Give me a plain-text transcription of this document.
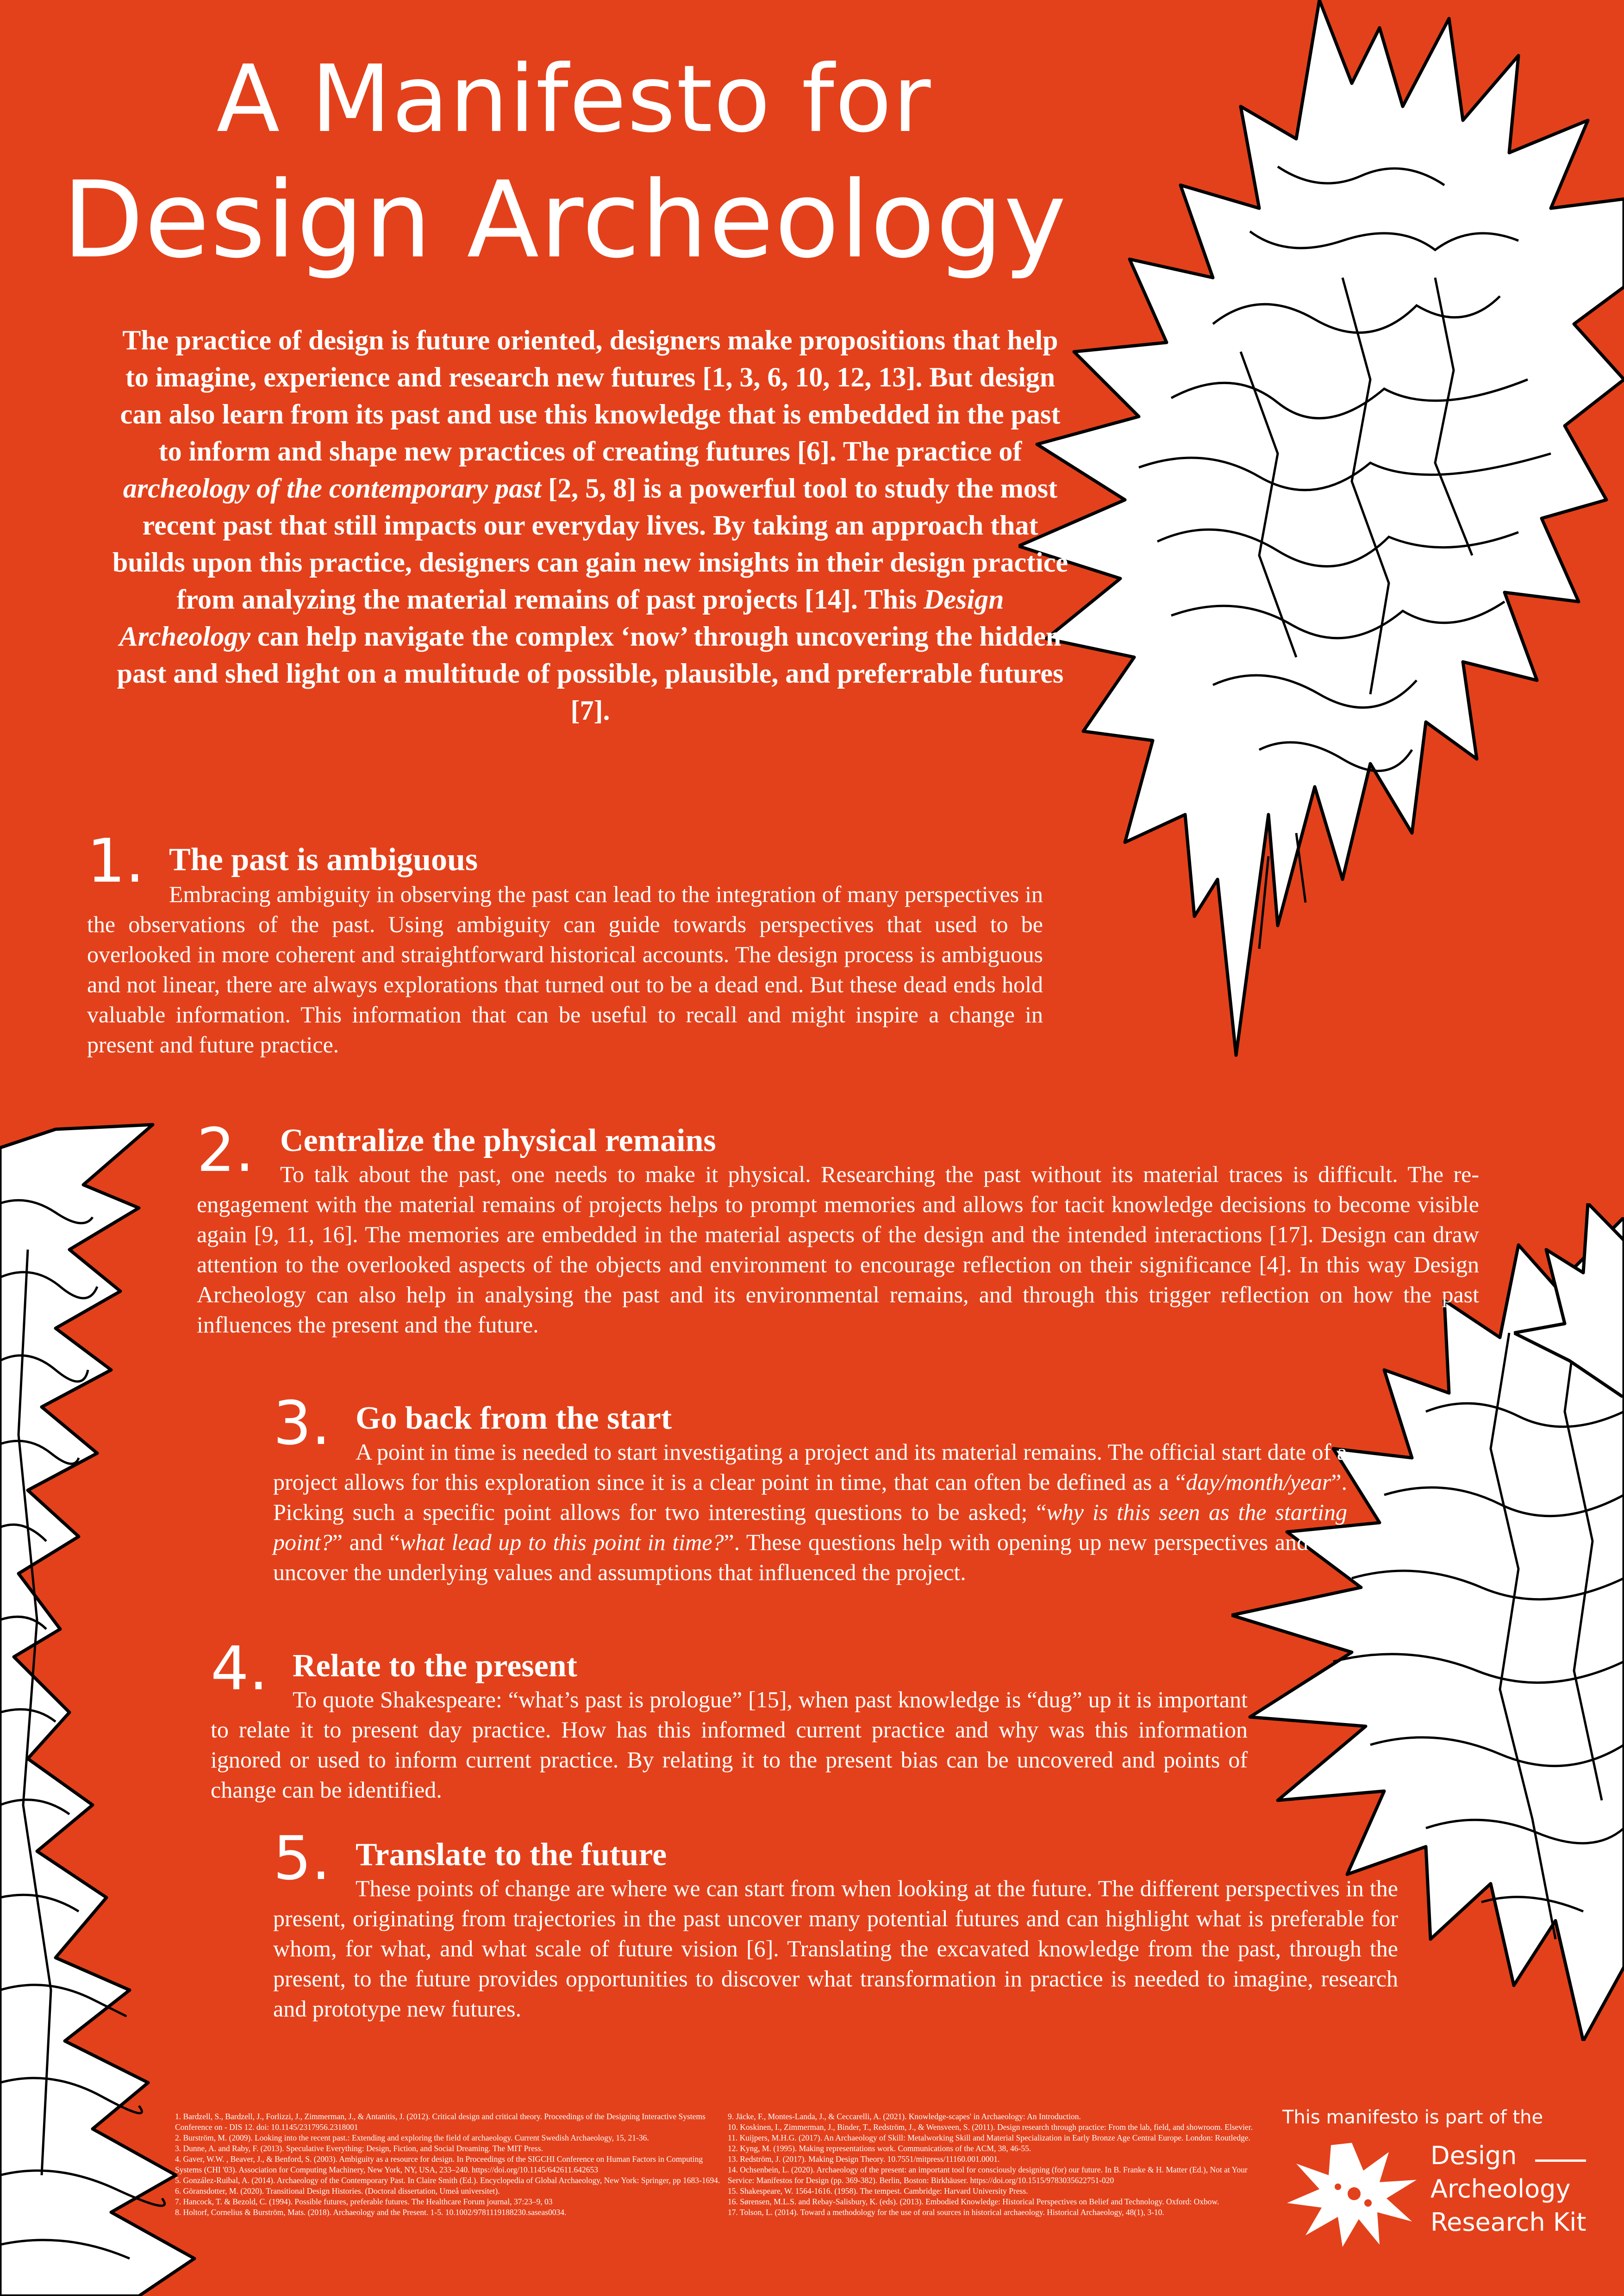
A Manifesto for
Design Archeology
The practice of design is future oriented, designers make propositions that help to imagine, experience and research new futures [1, 3, 6, 10, 12, 13]. But design can also learn from its past and use this knowledge that is embedded in the past to inform and shape new practices of creating futures [6]. The practice of archeology of the contemporary past [2, 5, 8] is a powerful tool to study the most recent past that still impacts our everyday lives. By taking an approach that builds upon this practice, designers can gain new insights in their design practice from analyzing the material remains of past projects [14]. This Design Archeology can help navigate the complex ‘now’ through uncovering the hidden past and shed light on a multitude of possible, plausible, and preferrable futures [7].
1. The past is ambiguous

Embracing ambiguity in observing the past can lead to the integration of many perspectives in the observations of the past. Using ambiguity can guide towards perspectives that used to be overlooked in more coherent and straightforward historical accounts. The design process is ambiguous and not linear, there are always explorations that turned out to be a dead end. But these dead ends hold valuable information. This information that can be useful to recall and might inspire a change in present and future practice.

2. Centralize the physical remains

To talk about the past, one needs to make it physical. Researching the past without its material traces is difficult. The re-engagement with the material remains of projects helps to prompt memories and allows for tacit knowledge decisions to become visible again [9, 11, 16]. The memories are embedded in the material aspects of the design and the intended interactions [17]. Design can draw attention to the overlooked aspects of the objects and environment to encourage reflection on their significance [4]. In this way Design Archeology can also help in analysing the past and its environmental remains, and through this trigger reflection on how the past influences the present and the future.

3. Go back from the start

A point in time is needed to start investigating a project and its material remains. The official start date of a project allows for this exploration since it is a clear point in time, that can often be defined as a “day/month/year”. Picking such a specific point allows for two interesting questions to be asked; “why is this seen as the starting point?” and “what lead up to this point in time?”. These questions help with opening up new perspectives and can uncover the underlying values and assumptions that influenced the project.

4. Relate to the present

To quote Shakespeare: “what’s past is prologue” [15], when past knowledge is “dug” up it is important to relate it to present day practice. How has this informed current practice and why was this information ignored or used to inform current practice. By relating it to the present bias can be uncovered and points of change can be identified.

5. Translate to the future

These points of change are where we can start from when looking at the future. The different perspectives in the present, originating from trajectories in the past uncover many potential futures and can highlight what is preferable for whom, for what, and what scale of future vision [6]. Translating the excavated knowledge from the past, through the present, to the future provides opportunities to discover what transformation in practice is needed to imagine, research and prototype new futures.

1. Bardzell, S., Bardzell, J., Forlizzi, J., Zimmerman, J., & Antanitis, J. (2012). Critical design and critical theory. Proceedings of the Designing Interactive Systems Conference on - DIS 12. doi: 10.1145/2317956.2318001
2. Burström, M. (2009). Looking into the recent past.: Extending and exploring the field of archaeology. Current Swedish Archaeology, 15, 21-36.
3. Dunne, A. and Raby, F. (2013). Speculative Everything: Design, Fiction, and Social Dreaming. The MIT Press.
4. Gaver, W.W. , Beaver, J., & Benford, S. (2003). Ambiguity as a resource for design. In Proceedings of the SIGCHI Conference on Human Factors in Computing Systems (CHI '03). Association for Computing Machinery, New York, NY, USA, 233–240. https://doi.org/10.1145/642611.642653
5. González-Ruibal, A. (2014). Archaeology of the Contemporary Past. In Claire Smith (Ed.). Encyclopedia of Global Archaeology, New York: Springer, pp 1683-1694.
6. Göransdotter, M. (2020). Transitional Design Histories. (Doctoral dissertation, Umeå universitet).
7. Hancock, T. & Bezold, C. (1994). Possible futures, preferable futures. The Healthcare Forum journal, 37:23–9, 03
8. Holtorf, Cornelius & Burström, Mats. (2018). Archaeology and the Present. 1-5. 10.1002/9781119188230.saseas0034.
9. Jäcke, F., Montes-Landa, J., & Ceccarelli, A. (2021). Knowledge-scapes' in Archaeology: An Introduction.
10. Koskinen, I., Zimmerman, J., Binder, T., Redström, J., & Wensveen, S. (2011). Design research through practice: From the lab, field, and showroom. Elsevier.
11. Kuijpers, M.H.G. (2017). An Archaeology of Skill: Metalworking Skill and Material Specialization in Early Bronze Age Central Europe. London: Routledge.
12. Kyng, M. (1995). Making representations work. Communications of the ACM, 38, 46-55.
13. Redström, J. (2017). Making Design Theory. 10.7551/mitpress/11160.001.0001.
14. Ochsenbein, L. (2020). Archaeology of the present: an important tool for consciously designing (for) our future. In B. Franke & H. Matter (Ed.), Not at Your Service: Manifestos for Design (pp. 369-382). Berlin, Boston: Birkhäuser. https://doi.org/10.1515/9783035622751-020
15. Shakespeare, W. 1564-1616. (1958). The tempest. Cambridge: Harvard University Press.
16. Sørensen, M.L.S. and Rebay-Salisbury, K. (eds). (2013). Embodied Knowledge: Historical Perspectives on Belief and Technology. Oxford: Oxbow.
17. Tolson, L. (2014). Toward a methodology for the use of oral sources in historical archaeology. Historical Archaeology, 48(1), 3-10.
This manifesto is part of the
Design
Archeology
Research Kit
